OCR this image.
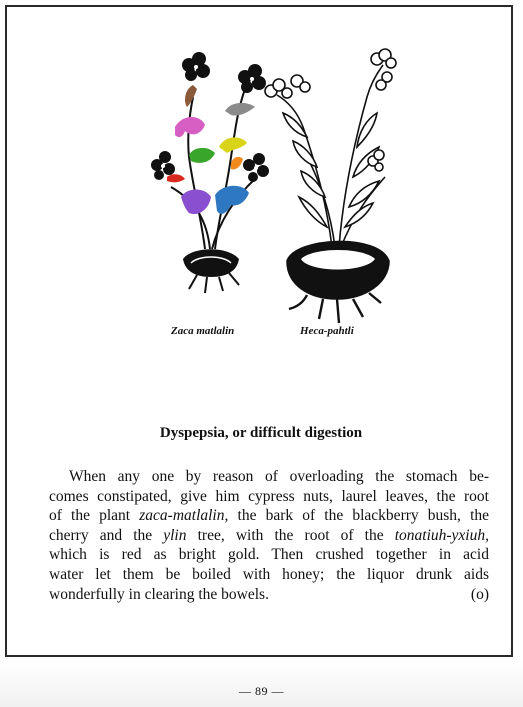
Zaca matlalin	Heca-pahtli
Dyspepsia, or difficult digestion
When any one by reason of overloading the stomach be-
comes constipated, give him cypress nuts, laurel leaves, the root
of the plant zaca-matlalin, the bark of the blackberry bush, the
cherry and the ylin tree, with the root of the tonatiuh-yxiuh,
which is red as bright gold. Then crushed together in acid
water let them be boiled with honey; the liquor drunk aids
wonderfully in clearing the bowels.	(o)
— 89 —
